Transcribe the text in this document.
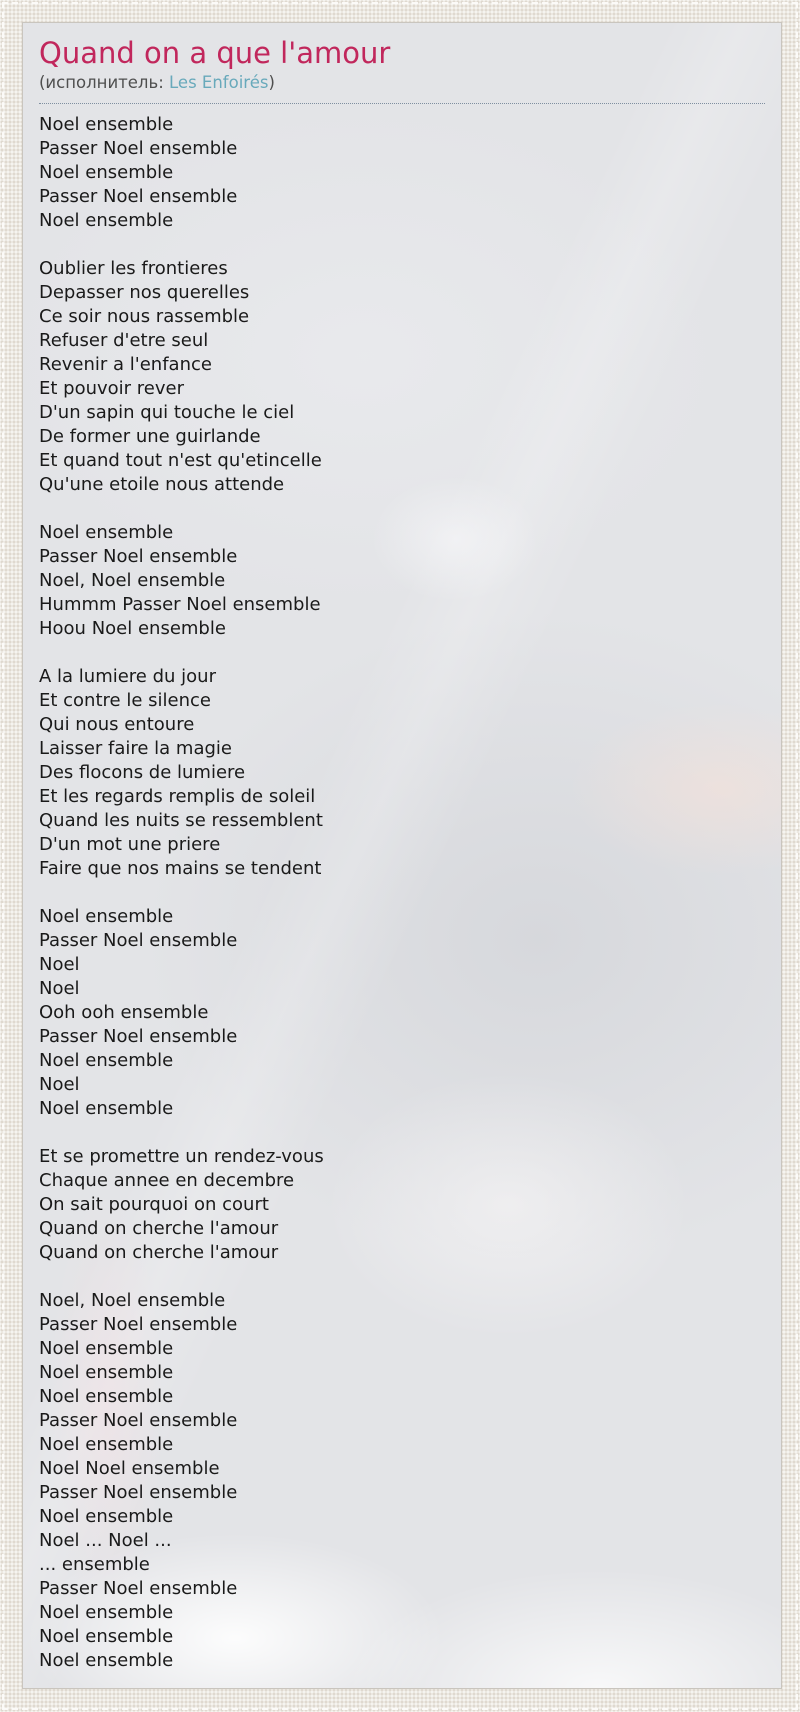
Quand on a que l'amour
(исполнитель: Les Enfoirés)

Noel ensemble
Passer Noel ensemble
Noel ensemble
Passer Noel ensemble
Noel ensemble

Oublier les frontieres
Depasser nos querelles
Ce soir nous rassemble
Refuser d'etre seul
Revenir a l'enfance
Et pouvoir rever
D'un sapin qui touche le ciel
De former une guirlande
Et quand tout n'est qu'etincelle
Qu'une etoile nous attende

Noel ensemble
Passer Noel ensemble
Noel, Noel ensemble
Hummm Passer Noel ensemble
Hoou Noel ensemble

A la lumiere du jour
Et contre le silence
Qui nous entoure
Laisser faire la magie
Des flocons de lumiere
Et les regards remplis de soleil
Quand les nuits se ressemblent
D'un mot une priere
Faire que nos mains se tendent

Noel ensemble
Passer Noel ensemble
Noel
Noel
Ooh ooh ensemble
Passer Noel ensemble
Noel ensemble
Noel
Noel ensemble

Et se promettre un rendez-vous
Chaque annee en decembre
On sait pourquoi on court
Quand on cherche l'amour
Quand on cherche l'amour

Noel, Noel ensemble
Passer Noel ensemble
Noel ensemble
Noel ensemble
Noel ensemble
Passer Noel ensemble
Noel ensemble
Noel Noel ensemble
Passer Noel ensemble
Noel ensemble
Noel ... Noel ...
... ensemble
Passer Noel ensemble
Noel ensemble
Noel ensemble
Noel ensemble
